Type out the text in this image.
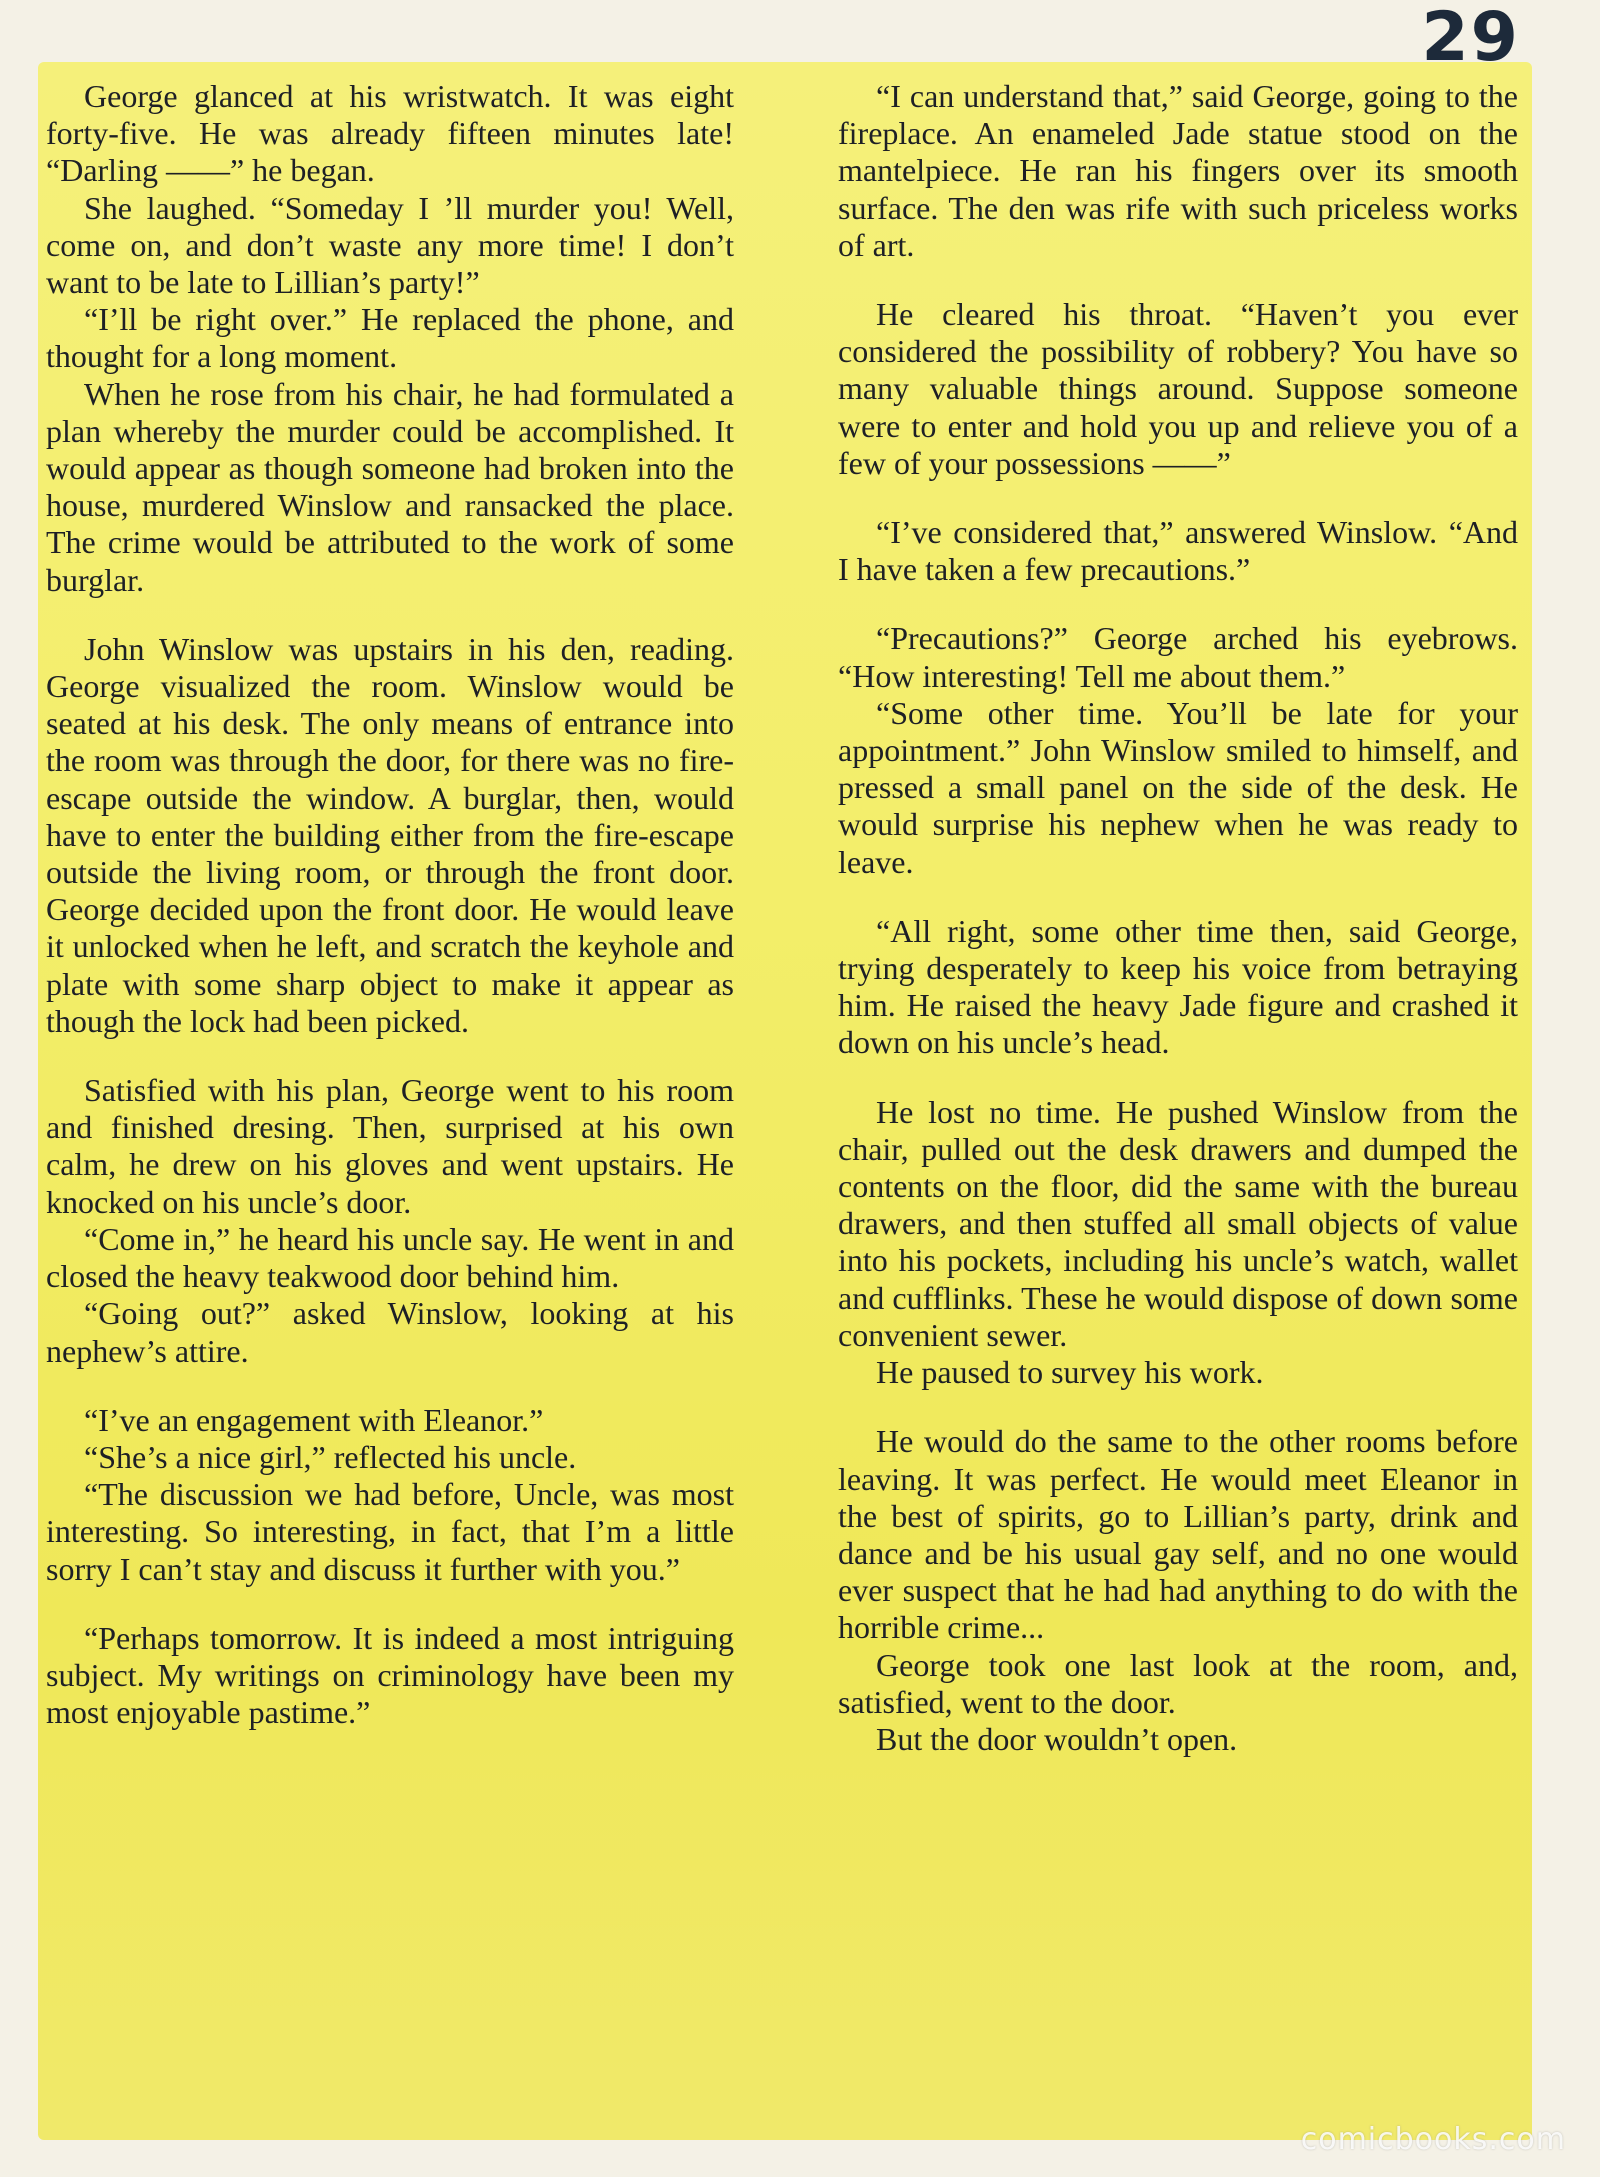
29

George glanced at his wristwatch. It was eight forty-five. He was already fifteen minutes late! “Darling ——” he began.

She laughed. “Someday I ’ll murder you! Well, come on, and don’t waste any more time! I don’t want to be late to Lillian’s party!”

“I’ll be right over.” He replaced the phone, and thought for a long moment.

When he rose from his chair, he had formulated a plan whereby the murder could be accomplished. It would appear as though someone had broken into the house, murdered Winslow and ransacked the place. The crime would be attributed to the work of some burglar.

John Winslow was upstairs in his den, reading. George visualized the room. Winslow would be seated at his desk. The only means of entrance into the room was through the door, for there was no fire-escape outside the window. A burglar, then, would have to enter the building either from the fire-escape outside the living room, or through the front door. George decided upon the front door. He would leave it unlocked when he left, and scratch the keyhole and plate with some sharp object to make it appear as though the lock had been picked.

Satisfied with his plan, George went to his room and finished dresing. Then, surprised at his own calm, he drew on his gloves and went upstairs. He knocked on his uncle’s door.

“Come in,” he heard his uncle say. He went in and closed the heavy teakwood door behind him.

“Going out?” asked Winslow, looking at his nephew’s attire.

“I’ve an engagement with Eleanor.”

“She’s a nice girl,” reflected his uncle.

“The discussion we had before, Uncle, was most interesting. So interesting, in fact, that I’m a little sorry I can’t stay and discuss it further with you.”

“Perhaps tomorrow. It is indeed a most intriguing subject. My writings on criminology have been my most enjoyable pastime.”

“I can understand that,” said George, going to the fireplace. An enameled Jade statue stood on the mantelpiece. He ran his fingers over its smooth surface. The den was rife with such priceless works of art.

He cleared his throat. “Haven’t you ever considered the possibility of robbery? You have so many valuable things around. Suppose someone were to enter and hold you up and relieve you of a few of your possessions ——”

“I’ve considered that,” answered Winslow. “And I have taken a few precautions.”

“Precautions?” George arched his eyebrows. “How interesting! Tell me about them.”

“Some other time. You’ll be late for your appointment.” John Winslow smiled to himself, and pressed a small panel on the side of the desk. He would surprise his nephew when he was ready to leave.

“All right, some other time then, said George, trying desperately to keep his voice from betraying him. He raised the heavy Jade figure and crashed it down on his uncle’s head.

He lost no time. He pushed Winslow from the chair, pulled out the desk drawers and dumped the contents on the floor, did the same with the bureau drawers, and then stuffed all small objects of value into his pockets, including his uncle’s watch, wallet and cufflinks. These he would dispose of down some convenient sewer.

He paused to survey his work.

He would do the same to the other rooms before leaving. It was perfect. He would meet Eleanor in the best of spirits, go to Lillian’s party, drink and dance and be his usual gay self, and no one would ever suspect that he had had anything to do with the horrible crime...

George took one last look at the room, and, satisfied, went to the door.

But the door wouldn’t open.

comicbooks.com
